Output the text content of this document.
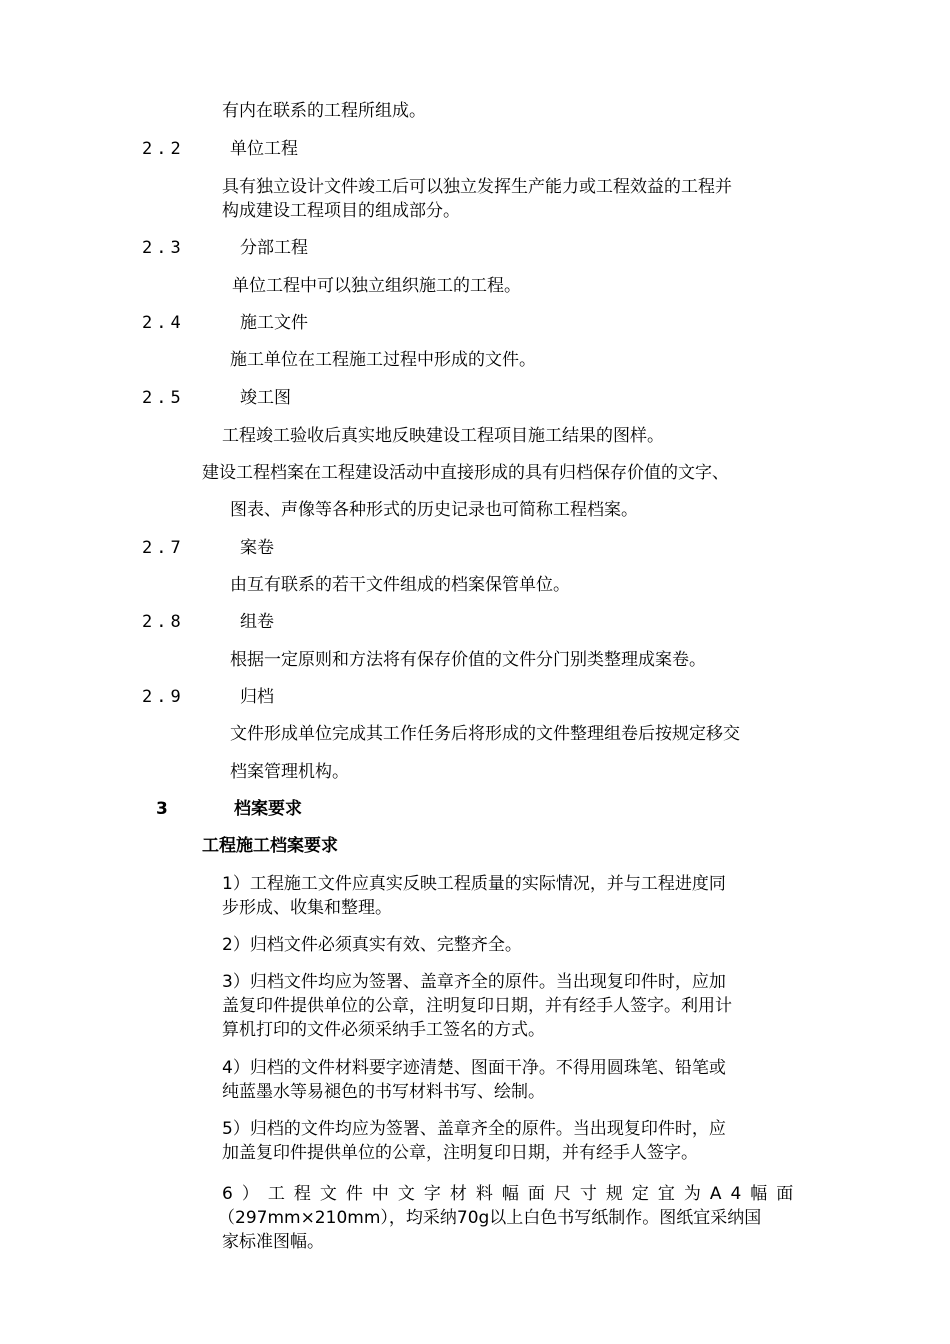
有内在联系的工程所组成。
2.2	单位工程
具有独立设计文件竣工后可以独立发挥生产能力或工程效益的工程并
构成建设工程项目的组成部分。
2.3	分部工程
单位工程中可以独立组织施工的工程。
2.4	施工文件
施工单位在工程施工过程中形成的文件。
2.5	竣工图
工程竣工验收后真实地反映建设工程项目施工结果的图样。
建设工程档案在工程建设活动中直接形成的具有归档保存价值的文字、
图表、声像等各种形式的历史记录也可简称工程档案。
2.7	案卷
由互有联系的若干文件组成的档案保管单位。
2.8	组卷
根据一定原则和方法将有保存价值的文件分门别类整理成案卷。
2.9	归档
文件形成单位完成其工作任务后将形成的文件整理组卷后按规定移交
档案管理机构。
3	档案要求
工程施工档案要求
1）工程施工文件应真实反映工程质量的实际情况，并与工程进度同
步形成、收集和整理。
2）归档文件必须真实有效、完整齐全。
3）归档文件均应为签署、盖章齐全的原件。当出现复印件时，应加
盖复印件提供单位的公章，注明复印日期，并有经手人签字。利用计
算机打印的文件必须采纳手工签名的方式。
4）归档的文件材料要字迹清楚、图面干净。不得用圆珠笔、铅笔或
纯蓝墨水等易褪色的书写材料书写、绘制。
5）归档的文件均应为签署、盖章齐全的原件。当出现复印件时，应
加盖复印件提供单位的公章，注明复印日期，并有经手人签字。
6）工程文件中文字材料幅面尺寸规定宜为A4幅面
（297mm×210mm），均采纳70g以上白色书写纸制作。图纸宜采纳国
家标准图幅。
